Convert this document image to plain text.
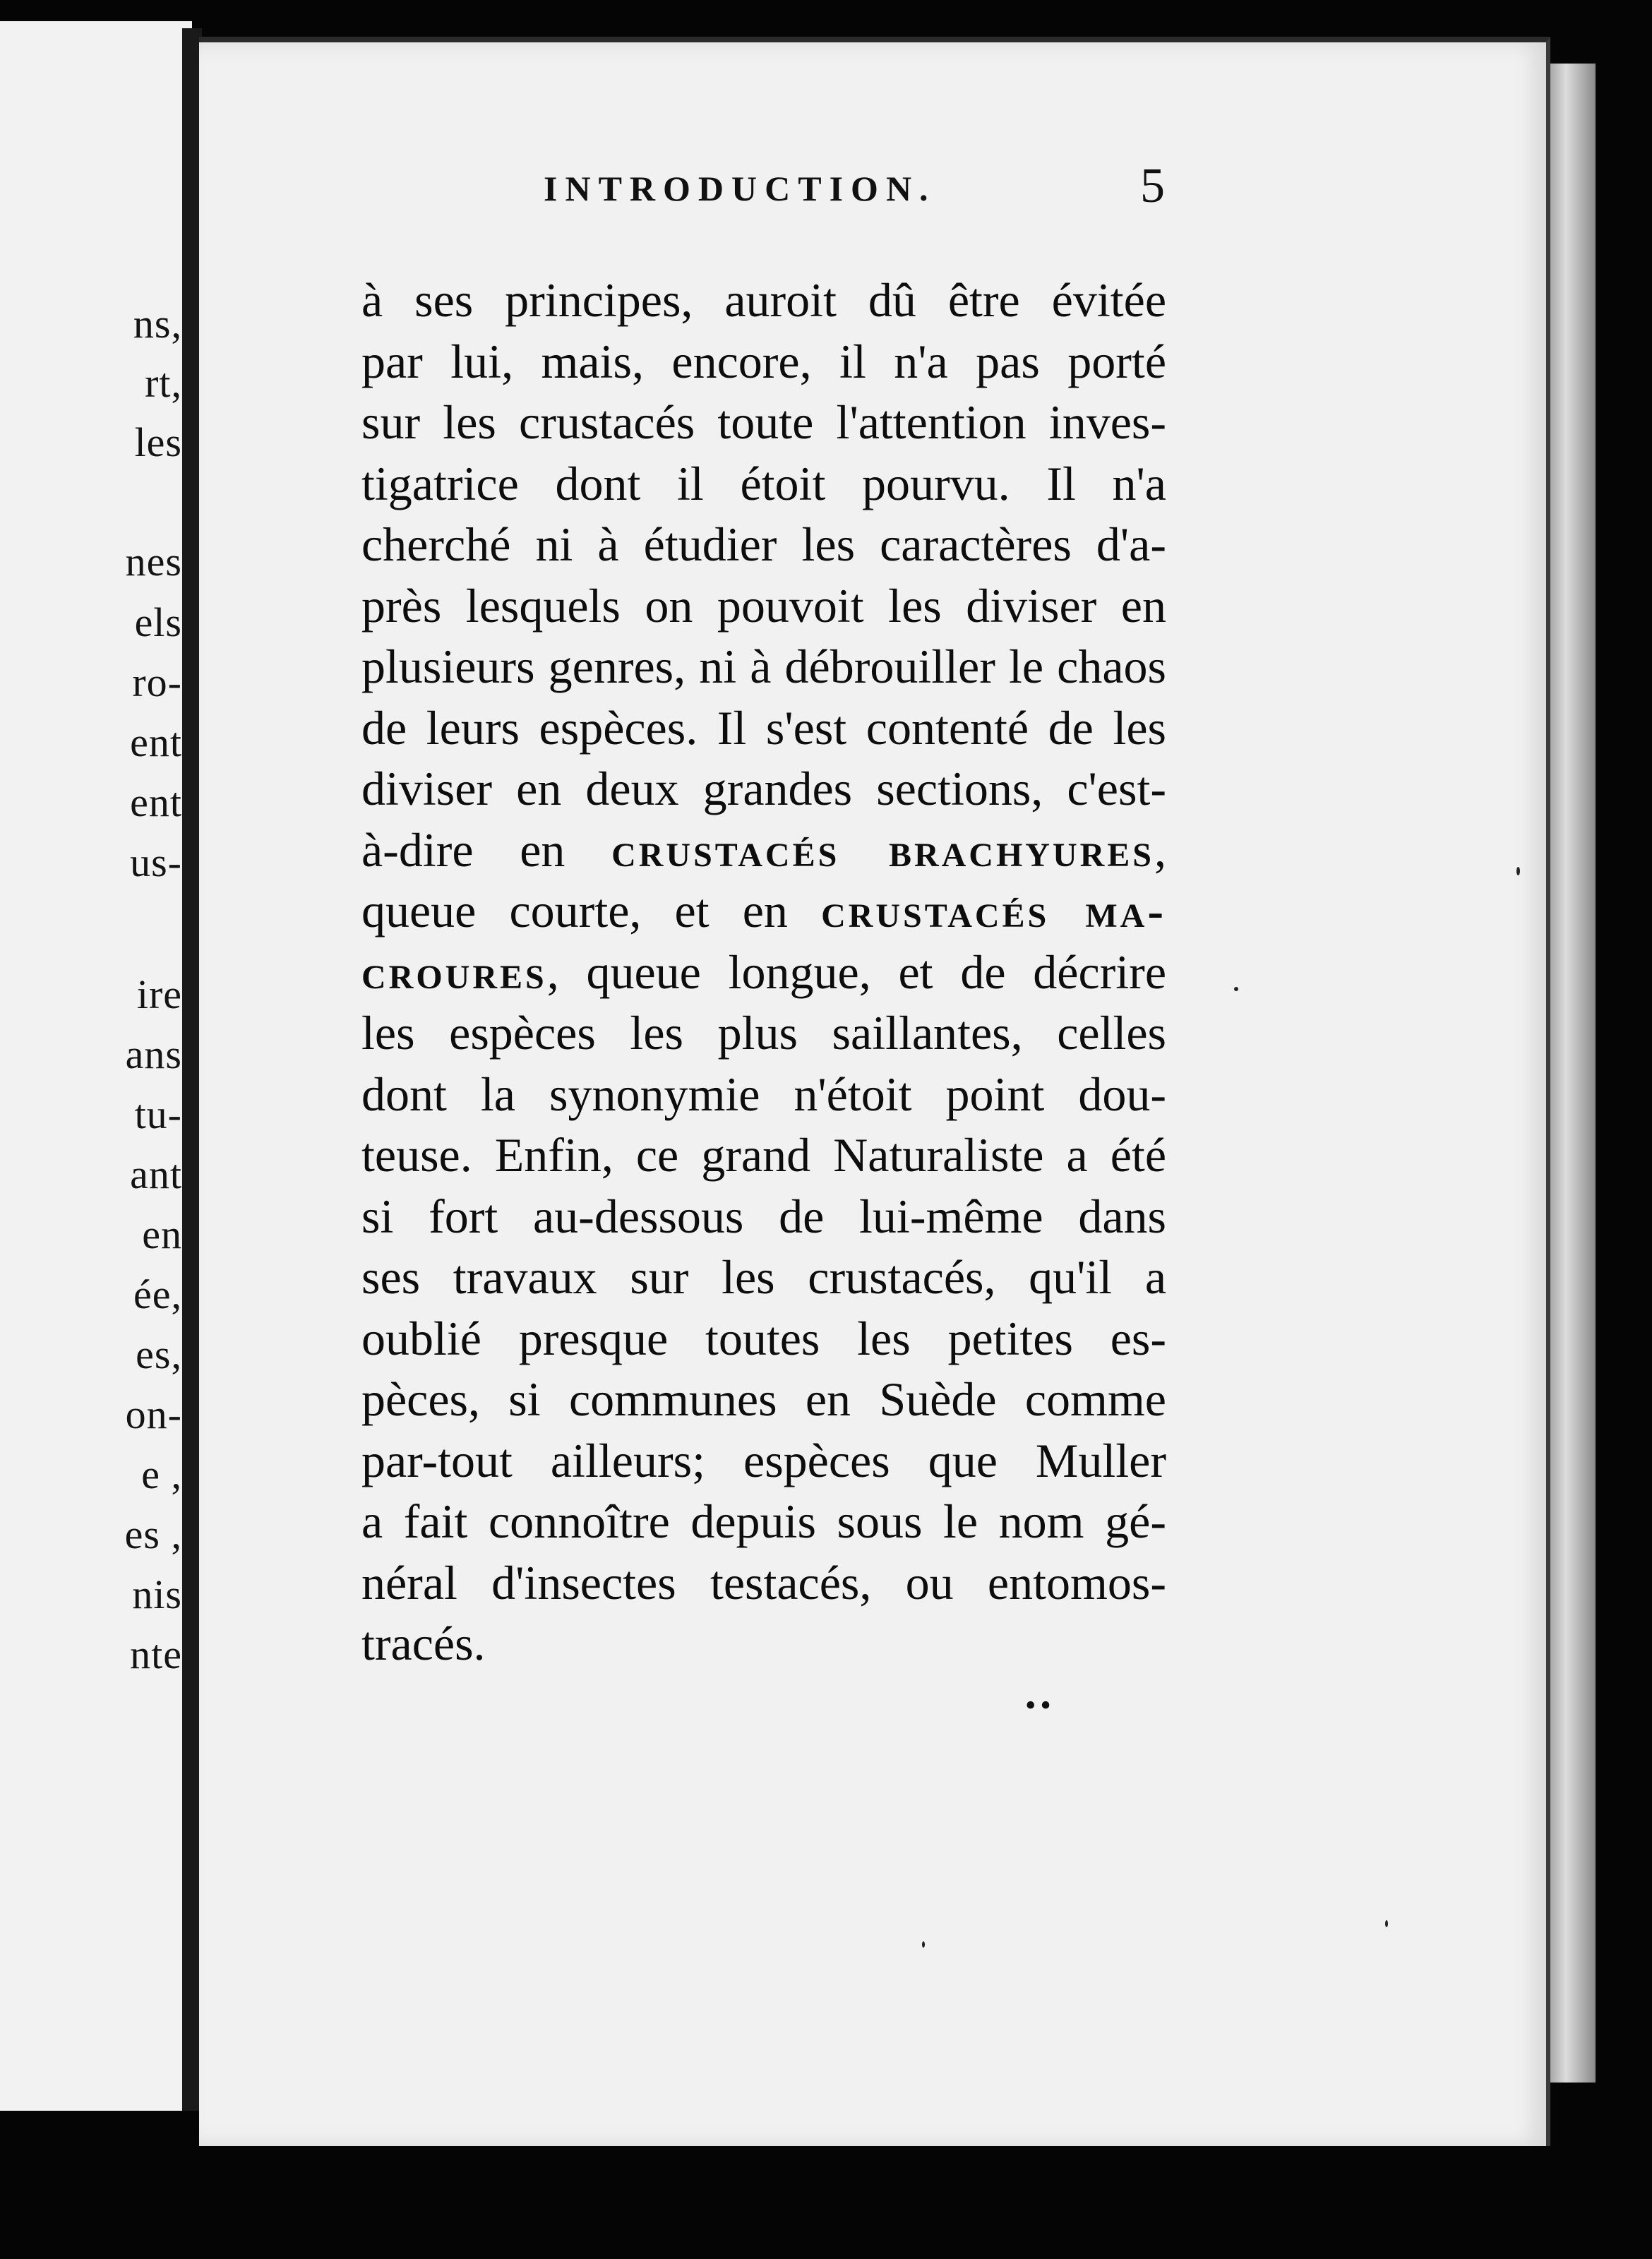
ns,
rt,
les
nes
els
ro-
ent
ent
us-
ire
ans
tu-
ant
en
ée,
es,
on-
e ,
es ,
nis
nte
INTRODUCTION.	5
à ses principes, auroit dû être évitée
par lui, mais, encore, il n'a pas porté
sur les crustacés toute l'attention inves-
tigatrice dont il étoit pourvu. Il n'a
cherché ni à étudier les caractères d'a-
près lesquels on pouvoit les diviser en
plusieurs genres, ni à débrouiller le chaos
de leurs espèces. Il s'est contenté de les
diviser en deux grandes sections, c'est-
à-dire en crustacés brachyures,
queue courte, et en crustacés ma-
croures, queue longue, et de décrire
les espèces les plus saillantes, celles
dont la synonymie n'étoit point dou-
teuse. Enfin, ce grand Naturaliste a été
si fort au-dessous de lui-même dans
ses travaux sur les crustacés, qu'il a
oublié presque toutes les petites es-
pèces, si communes en Suède comme
par-tout ailleurs; espèces que Muller
a fait connoître depuis sous le nom gé-
néral d'insectes testacés, ou entomos-
tracés.
••
